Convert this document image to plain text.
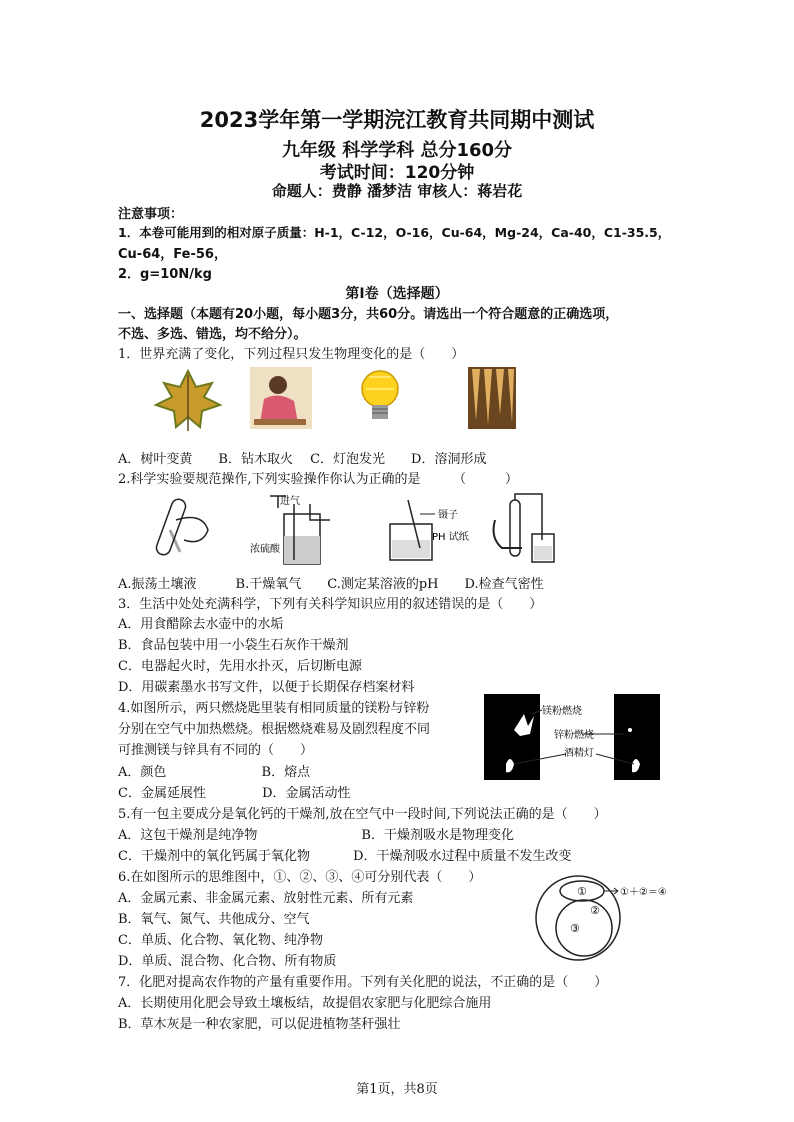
2023学年第一学期浣江教育共同期中测试
九年级 科学学科 总分160分
考试时间：120分钟
命题人：费静 潘梦洁 审核人：蒋岩花
注意事项：
1．本卷可能用到的相对原子质量：H-1，C-12，O-16，Cu-64，Mg-24，Ca-40，C1-35.5，
Cu-64，Fe-56，
2．g=10N/kg
第Ⅰ卷（选择题）
一、选择题（本题有20小题，每小题3分，共60分。请选出一个符合题意的正确选项，
不选、多选、错选，均不给分）。
1．世界充满了变化，下列过程只发生物理变化的是（　　）
A．树叶变黄　　B．钻木取火　 C．灯泡发光　　D．溶洞形成
2.科学实验要规范操作,下列实验操作你认为正确的是　　　（　　　）
进气
浓硫酸
镊子
PH 试纸
A.振荡土壤液　　　B.干燥氧气　　C.测定某溶液的pH　　D.检查气密性
3．生活中处处充满科学，下列有关科学知识应用的叙述错误的是（　　）
A．用食醋除去水壶中的水垢
B．食品包装中用一小袋生石灰作干燥剂
C．电器起火时，先用水扑灭，后切断电源
D．用碳素墨水书写文件，以便于长期保存档案材料
4.如图所示，两只燃烧匙里装有相同质量的镁粉与锌粉
分别在空气中加热燃烧。根据燃烧难易及剧烈程度不同
可推测镁与锌具有不同的（　　）
A．颜色　　　　　　　 B．熔点
C．金属延展性　　　　 D．金属活动性
镁粉燃烧
锌粉燃烧
酒精灯
5.有一包主要成分是氧化钙的干燥剂,放在空气中一段时间,下列说法正确的是（　　）
A．这包干燥剂是纯净物　　　　　　　　B．干燥剂吸水是物理变化
C．干燥剂中的氧化钙属于氧化物　　　 D．干燥剂吸水过程中质量不发生改变
6.在如图所示的思维图中，①、②、③、④可分别代表（　　）
A．金属元素、非金属元素、放射性元素、所有元素
B．氧气、氮气、共他成分、空气
C．单质、化合物、氧化物、纯净物
D．单质、混合物、化合物、所有物质
①
②
③
①＋②＝④
7．化肥对提高农作物的产量有重要作用。下列有关化肥的说法，不正确的是（　　）
A．长期使用化肥会导致土壤板结，故提倡农家肥与化肥综合施用
B．草木灰是一种农家肥，可以促进植物茎秆强壮
第1页，共8页
